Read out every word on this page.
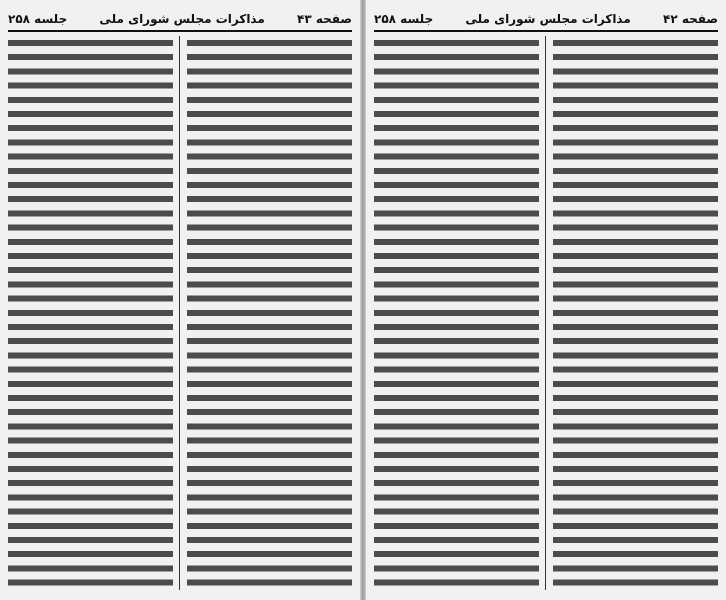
صفحه ۴۳
مذاکرات مجلس شورای ملی
جلسه ۲۵۸	صفحه ۴۲
مذاکرات مجلس شورای ملی
جلسه ۲۵۸
